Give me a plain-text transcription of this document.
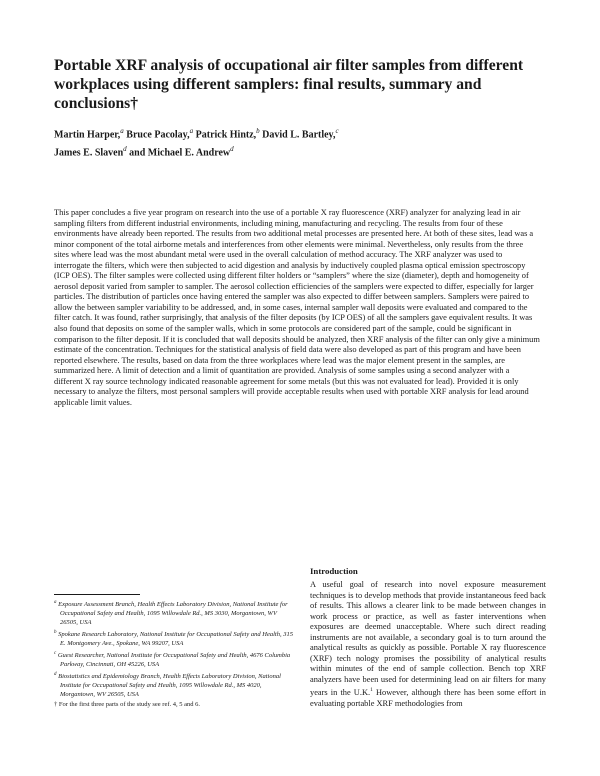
Portable XRF analysis of occupational air filter samples from different workplaces using different samplers: final results, summary and conclusions†
Martin Harper,$^a$ Bruce Pacolay,$^a$ Patrick Hintz,$^b$ David L. Bartley,$^c$
James E. Slaven$^d$ and Michael E. Andrew$^d$

This paper concludes a five year program on research into the use of a portable X ray fluorescence (XRF) analyzer for analyzing lead in air sampling filters from different industrial environments, including mining, manufacturing and recycling. The results from four of these environments have already been reported. The results from two additional metal processes are presented here. At both of these sites, lead was a minor component of the total airborne metals and interferences from other elements were minimal. Nevertheless, only results from the three sites where lead was the most abundant metal were used in the overall calculation of method accuracy. The XRF analyzer was used to interrogate the filters, which were then subjected to acid digestion and analysis by inductively coupled plasma optical emission spectroscopy (ICP OES). The filter samples were collected using different filter holders or “samplers” where the size (diameter), depth and homogeneity of aerosol deposit varied from sampler to sampler. The aerosol collection efficiencies of the samplers were expected to differ, especially for larger particles. The distribution of particles once having entered the sampler was also expected to differ between samplers. Samplers were paired to allow the between sampler variability to be addressed, and, in some cases, internal sampler wall deposits were evaluated and compared to the filter catch. It was found, rather surprisingly, that analysis of the filter deposits (by ICP OES) of all the samplers gave equivalent results. It was also found that deposits on some of the sampler walls, which in some protocols are considered part of the sample, could be significant in comparison to the filter deposit. If it is concluded that wall deposits should be analyzed, then XRF analysis of the filter can only give a minimum estimate of the concentration. Techniques for the statistical analysis of field data were also developed as part of this program and have been reported elsewhere. The results, based on data from the three workplaces where lead was the major element present in the samples, are summarized here. A limit of detection and a limit of quantitation are provided. Analysis of some samples using a second analyzer with a different X ray source technology indicated reasonable agreement for some metals (but this was not evaluated for lead). Provided it is only necessary to analyze the filters, most personal samplers will provide acceptable results when used with portable XRF analysis for lead around applicable limit values.

$^a$ Exposure Assessment Branch, Health Effects Laboratory Division, National Institute for Occupational Safety and Health, 1095 Willowdale Rd., MS 3030, Morgantown, WV 26505, USA

$^b$ Spokane Research Laboratory, National Institute for Occupational Safety and Health, 315 E. Montgomery Ave., Spokane, WA 99207, USA

$^c$ Guest Researcher, National Institute for Occupational Safety and Health, 4676 Columbia Parkway, Cincinnati, OH 45226, USA

$^d$ Biostatistics and Epidemiology Branch, Health Effects Laboratory Division, National Institute for Occupational Safety and Health, 1095 Willowdale Rd., MS 4020, Morgantown, WV 26505, USA

† For the first three parts of the study see ref. 4, 5 and 6.

Introduction

A useful goal of research into novel exposure measurement techniques is to develop methods that provide instantaneous feed back of results. This allows a clearer link to be made between changes in work process or practice, as well as faster interventions when exposures are deemed unacceptable. Where such direct reading instruments are not available, a secondary goal is to turn around the analytical results as quickly as possible. Portable X ray fluorescence (XRF) tech nology promises the possibility of analytical results within minutes of the end of sample collection. Bench top XRF analyzers have been used for determining lead on air filters for many years in the U.K.$^1$ However, although there has been some effort in evaluating portable XRF methodologies from
